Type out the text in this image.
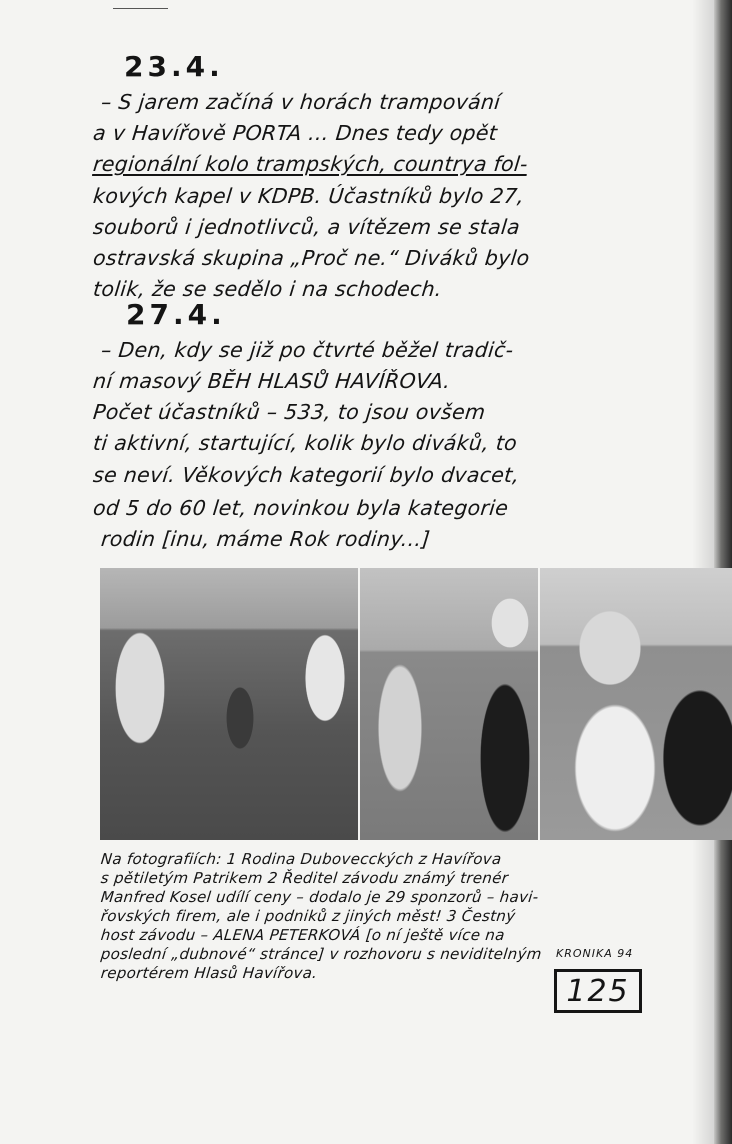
23.4.
– S jarem začíná v horách trampování
a v Havířově PORTA ... Dnes tedy opět
regionální kolo trampských, countrya fol-
kových kapel v KDPB. Účastníků bylo 27,
souborů i jednotlivců, a vítězem se stala
ostravská skupina „Proč ne.“ Diváků bylo
tolik, že se sedělo i na schodech.
27.4.
– Den, kdy se již po čtvrté běžel tradič-
ní masový BĚH HLASŮ HAVÍŘOVA.
Počet účastníků – 533, to jsou ovšem
ti aktivní, startující, kolik bylo diváků, to
se neví. Věkových kategorií bylo dvacet,
od 5 do 60 let, novinkou byla kategorie
rodin [inu, máme Rok rodiny...]
Na fotografiích: 1 Rodina Dubovecckých z Havířova
s pětiletým Patrikem 2 Ředitel závodu známý trenér
Manfred Kosel udílí ceny – dodalo je 29 sponzorů – havi-
řovských firem, ale i podniků z jiných měst! 3 Čestný
host závodu – ALENA PETERKOVÁ [o ní ještě více na
poslední „dubnové“ stránce] v rozhovoru s neviditelným
reportérem Hlasů Havířova.
KRONIKA 94
125
